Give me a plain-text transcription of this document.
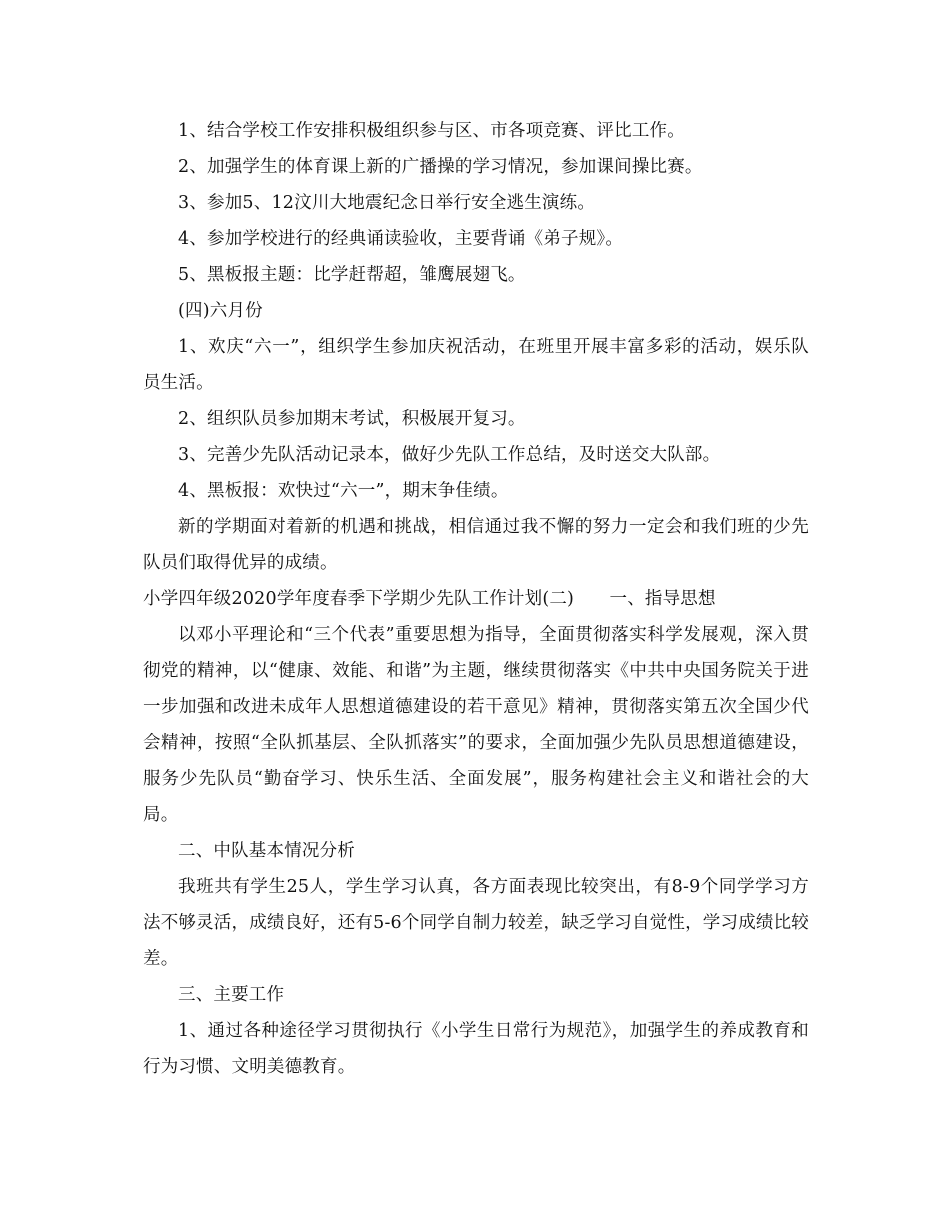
1、结合学校工作安排积极组织参与区、市各项竞赛、评比工作。

2、加强学生的体育课上新的广播操的学习情况，参加课间操比赛。

3、参加5、12汶川大地震纪念日举行安全逃生演练。

4、参加学校进行的经典诵读验收，主要背诵《弟子规》。

5、黑板报主题：比学赶帮超，雏鹰展翅飞。

(四)六月份

1、欢庆“六一”，组织学生参加庆祝活动，在班里开展丰富多彩的活动，娱乐队员生活。

2、组织队员参加期末考试，积极展开复习。

3、完善少先队活动记录本，做好少先队工作总结，及时送交大队部。

4、黑板报：欢快过“六一”，期末争佳绩。

新的学期面对着新的机遇和挑战，相信通过我不懈的努力一定会和我们班的少先队员们取得优异的成绩。

小学四年级2020学年度春季下学期少先队工作计划(二)　　一、指导思想

以邓小平理论和“三个代表”重要思想为指导，全面贯彻落实科学发展观，深入贯彻党的精神，以“健康、效能、和谐”为主题，继续贯彻落实《中共中央国务院关于进一步加强和改进未成年人思想道德建设的若干意见》精神，贯彻落实第五次全国少代会精神，按照“全队抓基层、全队抓落实”的要求，全面加强少先队员思想道德建设，服务少先队员“勤奋学习、快乐生活、全面发展”，服务构建社会主义和谐社会的大局。

二、中队基本情况分析

我班共有学生25人，学生学习认真，各方面表现比较突出，有8-9个同学学习方法不够灵活，成绩良好，还有5-6个同学自制力较差，缺乏学习自觉性，学习成绩比较差。

三、主要工作

1、通过各种途径学习贯彻执行《小学生日常行为规范》，加强学生的养成教育和行为习惯、文明美德教育。
